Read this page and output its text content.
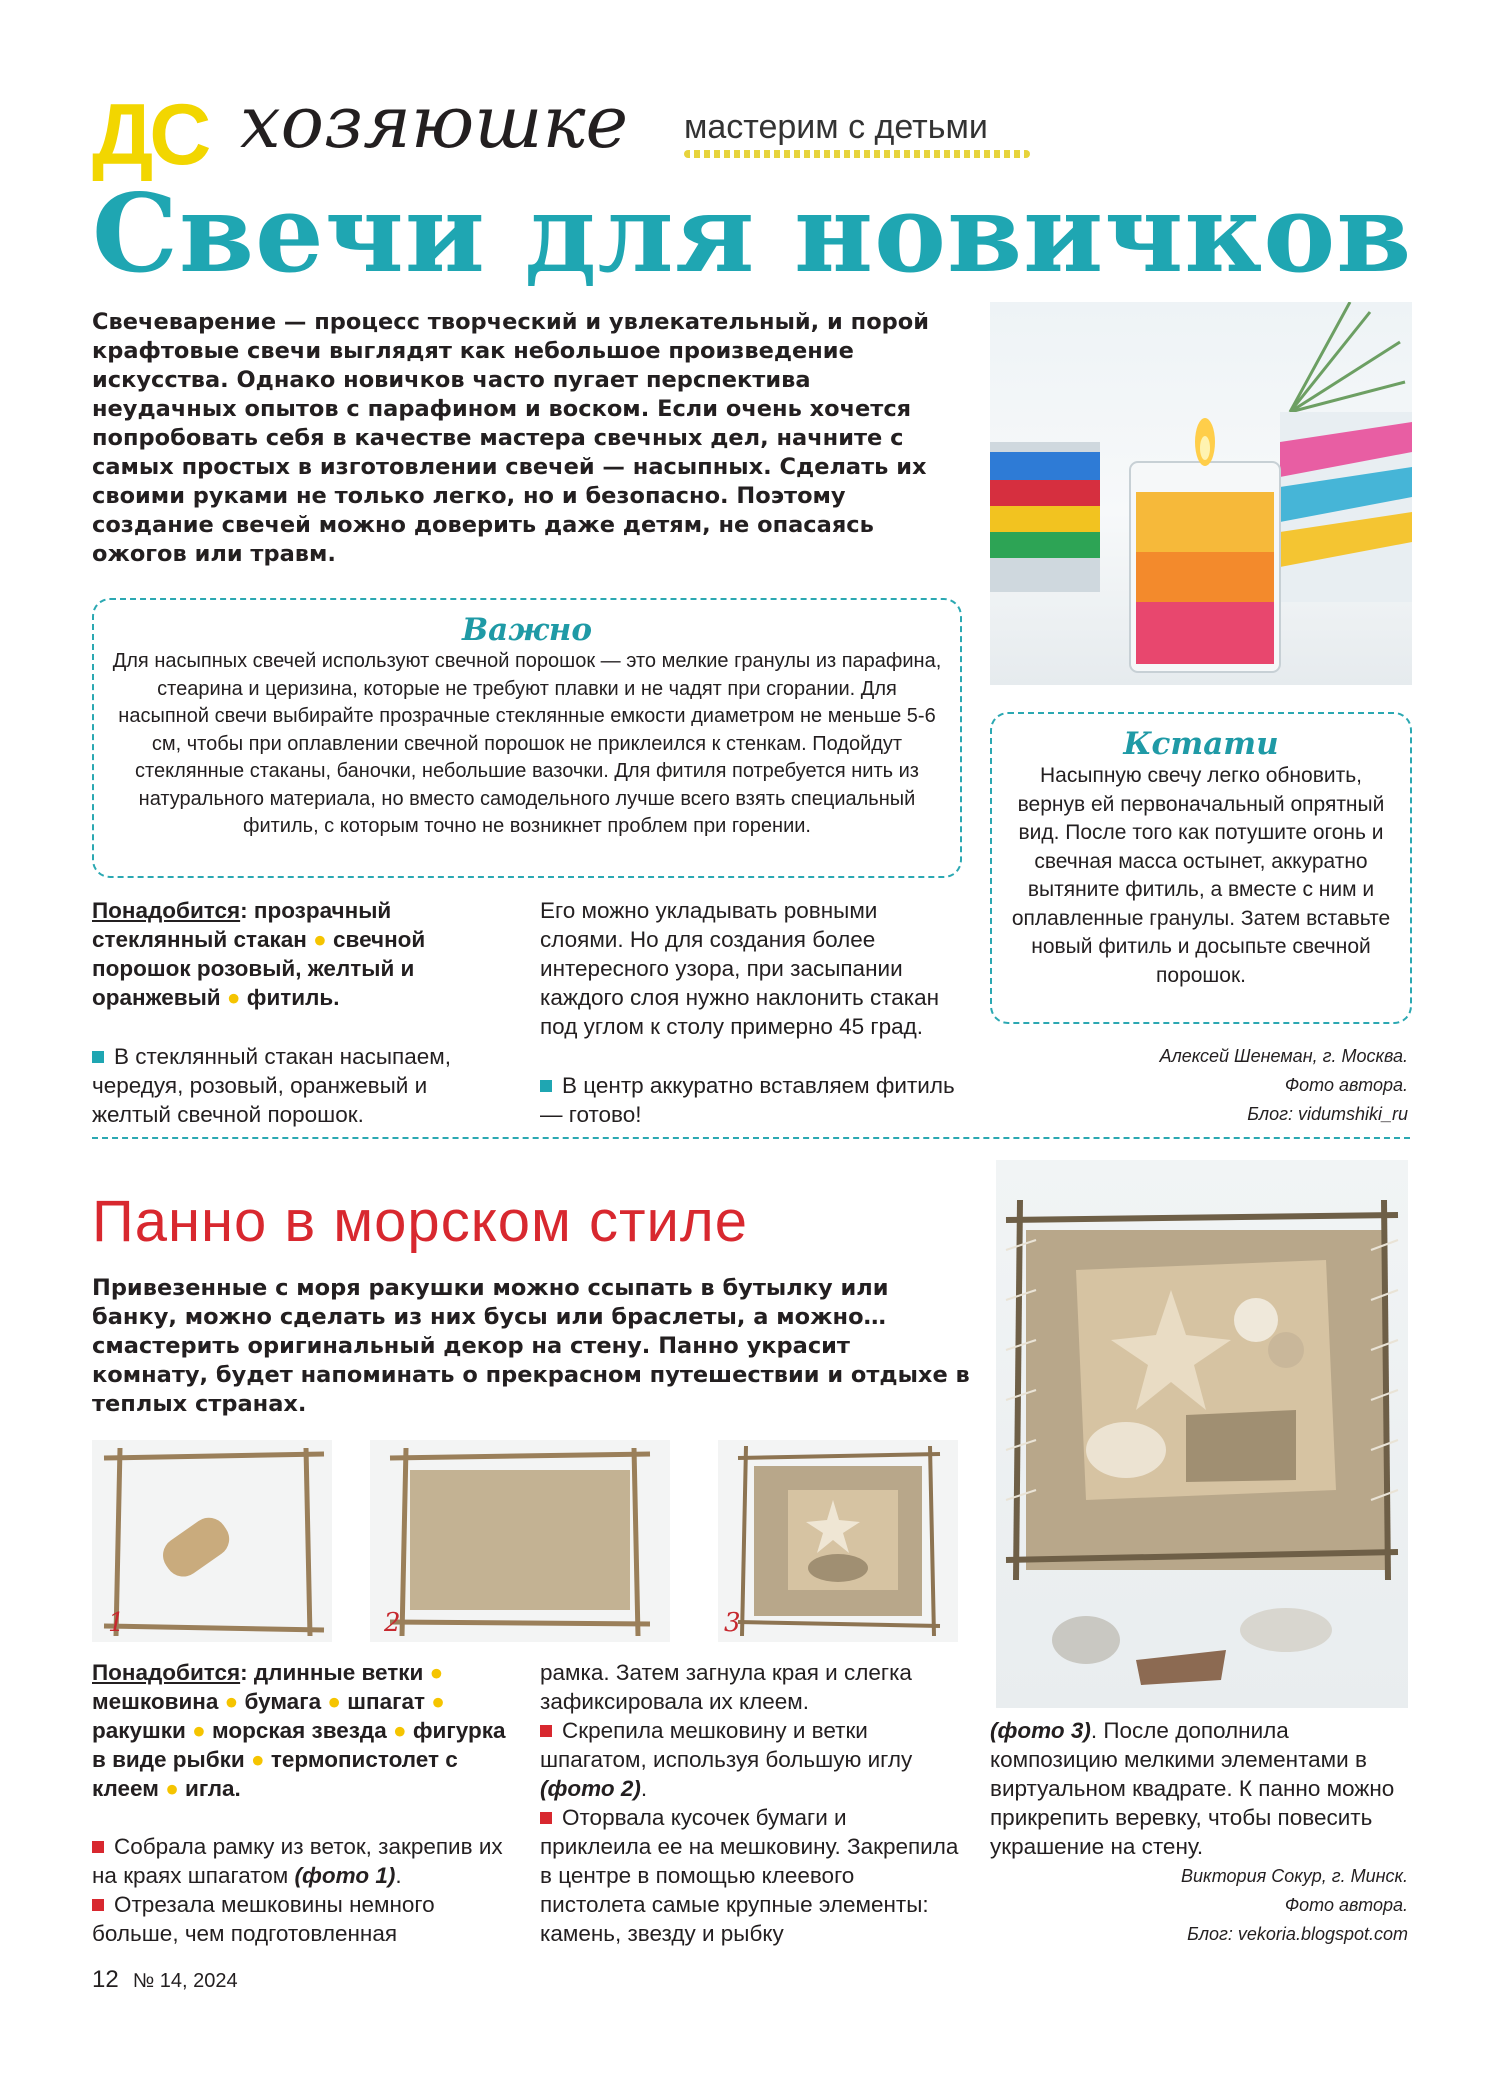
ДС хозяюшке мастерим с детьми
Свечи для новичков
Свечеварение — процесс творческий и увлекательный, и порой крафтовые свечи выглядят как небольшое произведение искусства. Однако новичков часто пугает перспектива неудачных опытов с парафином и воском. Если очень хочется попробовать себя в качестве мастера свечных дел, начните с самых простых в изготовлении свечей — насыпных. Сделать их своими руками не только легко, но и безопасно. Поэтому создание свечей можно доверить даже детям, не опасаясь ожогов или травм.
Важно
Для насыпных свечей используют свечной порошок — это мелкие гранулы из парафина, стеарина и церизина, которые не требуют плавки и не чадят при сгорании. Для насыпной свечи выбирайте прозрачные стеклянные емкости диаметром не меньше 5-6 см, чтобы при оплавлении свечной порошок не приклеился к стенкам. Подойдут стеклянные стаканы, баночки, небольшие вазочки. Для фитиля потребуется нить из натурального материала, но вместо самодельного лучше всего взять специальный фитиль, с которым точно не возникнет проблем при горении.
Кстати
Насыпную свечу легко обновить, вернув ей первоначальный опрятный вид. После того как потушите огонь и свечная масса остынет, аккуратно вытяните фитиль, а вместе с ним и оплавленные гранулы. Затем вставьте новый фитиль и досыпьте свечной порошок.
Понадобится: прозрачный стеклянный стакан ● свечной порошок розовый, желтый и оранжевый ● фитиль.
В стеклянный стакан насыпаем, чередуя, розовый, оранжевый и желтый свечной порошок.
Его можно укладывать ровными слоями. Но для создания более интересного узора, при засыпании каждого слоя нужно наклонить стакан под углом к столу примерно 45 град.
В центр аккуратно вставляем фитиль — готово!
Алексей Шенеман, г. Москва.
Фото автора.
Блог: vidumshiki_ru
Панно в морском стиле
Привезенные с моря ракушки можно ссыпать в бутылку или банку, можно сделать из них бусы или браслеты, а можно… смастерить оригинальный декор на стену. Панно украсит комнату, будет напоминать о прекрасном путешествии и отдыхе в теплых странах.
1	2	3
Понадобится: длинные ветки ● мешковина ● бумага ● шпагат ● ракушки ● морская звезда ● фигурка в виде рыбки ● термопистолет с клеем ● игла.
Собрала рамку из веток, закрепив их на краях шпагатом (фото 1).
Отрезала мешковины немного больше, чем подготовленная
рамка. Затем загнула края и слегка зафиксировала их клеем.
Скрепила мешковину и ветки шпагатом, используя большую иглу (фото 2).
Оторвала кусочек бумаги и приклеила ее на мешковину. Закрепила в центре в помощью клеевого пистолета самые крупные элементы: камень, звезду и рыбку
(фото 3). После дополнила композицию мелкими элементами в виртуальном квадрате. К панно можно прикрепить веревку, чтобы повесить украшение на стену.
Виктория Сокур, г. Минск.
Фото автора.
Блог: vekoria.blogspot.com
12 № 14, 2024
